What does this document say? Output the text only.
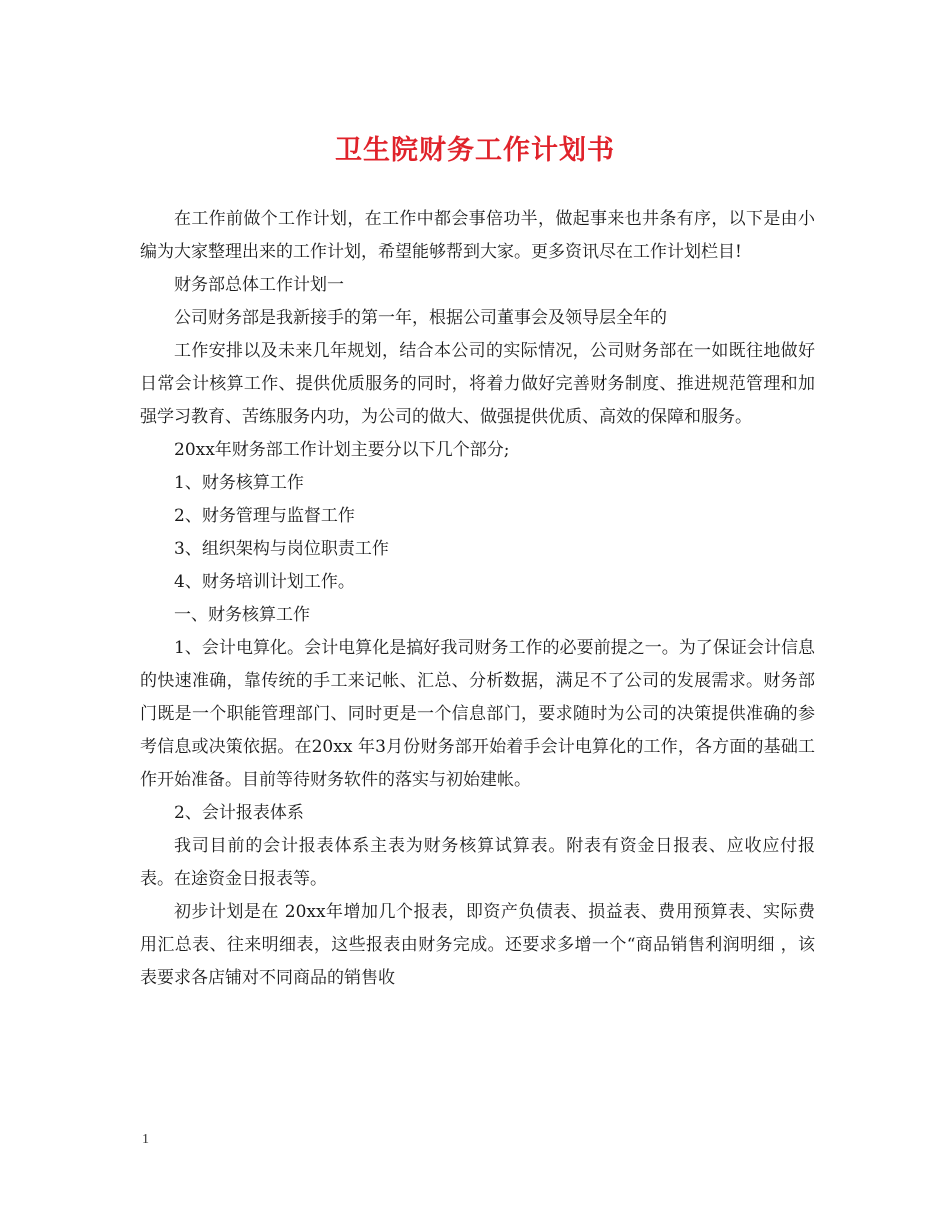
卫生院财务工作计划书

在工作前做个工作计划，在工作中都会事倍功半，做起事来也井条有序，以下是由小编为大家整理出来的工作计划，希望能够帮到大家。更多资讯尽在工作计划栏目!

财务部总体工作计划一

公司财务部是我新接手的第一年，根据公司董事会及领导层全年的

工作安排以及未来几年规划，结合本公司的实际情况，公司财务部在一如既往地做好日常会计核算工作、提供优质服务的同时，将着力做好完善财务制度、推进规范管理和加强学习教育、苦练服务内功，为公司的做大、做强提供优质、高效的保障和服务。

20xx年财务部工作计划主要分以下几个部分;

1、财务核算工作

2、财务管理与监督工作

3、组织架构与岗位职责工作

4、财务培训计划工作。

一、财务核算工作

1、会计电算化。会计电算化是搞好我司财务工作的必要前提之一。为了保证会计信息的快速准确，靠传统的手工来记帐、汇总、分析数据，满足不了公司的发展需求。财务部门既是一个职能管理部门、同时更是一个信息部门，要求随时为公司的决策提供准确的参考信息或决策依据。在20xx 年3月份财务部开始着手会计电算化的工作，各方面的基础工作开始准备。目前等待财务软件的落实与初始建帐。

2、会计报表体系

我司目前的会计报表体系主表为财务核算试算表。附表有资金日报表、应收应付报表。在途资金日报表等。

初步计划是在 20xx年增加几个报表，即资产负债表、损益表、费用预算表、实际费用汇总表、往来明细表，这些报表由财务完成。还要求多增一个“商品销售利润明细 ，该表要求各店铺对不同商品的销售收

1
